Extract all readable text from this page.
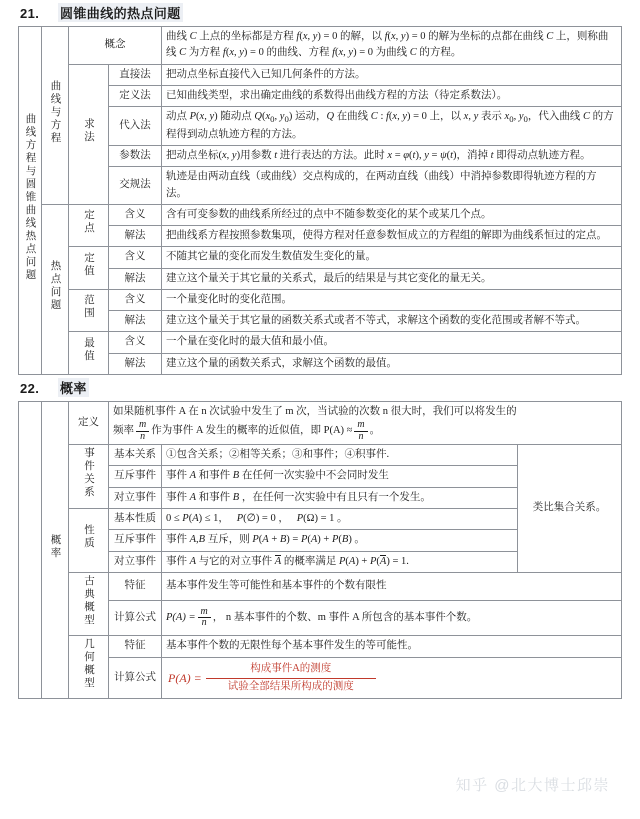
21.	圆锥曲线的热点问题
曲线方程与圆锥曲线热点问题	曲线与方程	概念		曲线 C 上点的坐标都是方程 f(x, y) = 0 的解，以 f(x, y) = 0 的解为坐标的点都在曲线 C 上，则称曲线 C 为方程 f(x, y) = 0 的曲线、方程 f(x, y) = 0 为曲线 C 的方程。
		求法	直接法	把动点坐标直接代入已知几何条件的方法。
			定义法	已知曲线类型，求出确定曲线的系数得出曲线方程的方法（待定系数法）。
			代入法	动点 P(x, y) 随动点 $Q(x_0$, $y_0$) 运动，Q 在曲线 C : f(x, y) = 0 上，以 x, y 表示 $x_0$, $y_0$，代入曲线 C 的方程得到动点轨迹方程的方法。
			参数法	把动点坐标(x, y)用参数 t 进行表达的方法。此时 x = φ(t), y = ψ(t)，消掉 t 即得动点轨迹方程。
			交规法	轨迹是由两动直线（或曲线）交点构成的，在两动直线（曲线）中消掉参数即得轨迹方程的方法。
	热点问题	定点	含义	含有可变参数的曲线系所经过的点中不随参数变化的某个或某几个点。
			解法	把曲线系方程按照参数集项，使得方程对任意参数恒成立的方程组的解即为曲线系恒过的定点。
		定值	含义	不随其它量的变化而发生数值发生变化的量。
			解法	建立这个量关于其它量的关系式，最后的结果是与其它变化的量无关。
		范围	含义	一个量变化时的变化范围。
			解法	建立这个量关于其它量的函数关系式或者不等式，求解这个函数的变化范围或者解不等式。
		最值	含义	一个量在变化时的最大值和最小值。
			解法	建立这个量的函数关系式，求解这个函数的最值。
22.	概率
	概率	定义	
如果随机事件 A 在 n 次试验中发生了 m 次，当试验的次数 n 很大时，我们可以将发生的
频率 $\frac{m}{n}$ 作为事件 A 发生的概率的近似值，即 $P(A) \approx \frac{m}{n}$ 。

		事件关系	基本关系	①包含关系；②相等关系；③和事件；④积事件.	类比集合关系。
			互斥事件	事件 A 和事件 B 在任何一次实验中不会同时发生	
			对立事件	事件 A 和事件 B ，在任何一次实验中有且只有一个发生。	
		性质	基本性质	0 ≤ P(A) ≤ 1，   P(∅) = 0 ，   P(Ω) = 1 。	
			互斥事件	事件 A,B 互斥，则 P(A + B) = P(A) + P(B) 。	
			对立事件	事件 A 与它的对立事件 A 的概率满足 P(A) + P(A) = 1.	
		古典概型	特征	基本事件发生等可能性和基本事件的个数有限性	
			计算公式	$P(A) = \frac{m}{n}$ ， n 基本事件的个数、m 事件 A 所包含的基本事件个数。	

		几何概型	特征	基本事件个数的无限性每个基本事件发生的等可能性。	
			计算公式	P(A) =
构成事件A的测度
试验全部结果所构成的测度	
知乎 @北大博士邱崇
